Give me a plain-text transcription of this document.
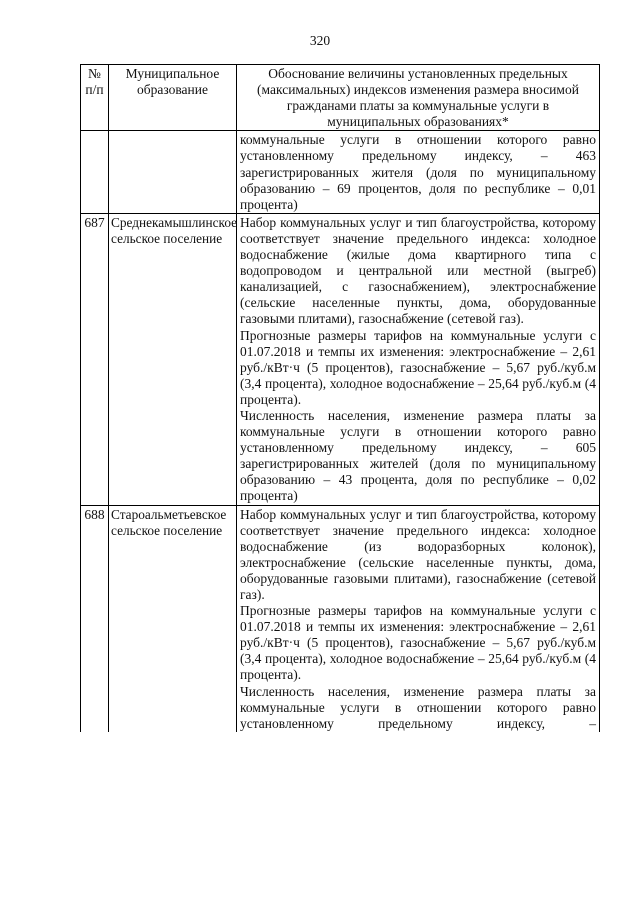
320
№ п/п	Муниципальное образование	Обоснование величины установленных предельных (максимальных) индексов изменения размера вносимой гражданами платы за коммунальные услуги в муниципальных образованиях*

		коммунальные услуги в отношении которого равно установленному предельному индексу, – 463 зарегистрированных жителя (доля по муниципальному образованию – 69 процентов, доля по республике – 0,01 процента)

687	Среднекамышлинское сельское поселение	Набор коммунальных услуг и тип благоустройства, которому соответствует значение предельного индекса: холодное водоснабжение (жилые дома квартирного типа с водопроводом и центральной или местной (выгреб) канализацией, с газоснабжением), электроснабжение (сельские населенные пункты, дома, оборудованные газовыми плитами), газоснабжение (сетевой газ).

Прогнозные размеры тарифов на коммунальные услуги с 01.07.2018 и темпы их изменения: электроснабжение – 2,61 руб./кВт·ч (5 процентов), газоснабжение – 5,67 руб./куб.м (3,4 процента), холодное водоснабжение – 25,64 руб./куб.м (4 процента).

Численность населения, изменение размера платы за коммунальные услуги в отношении которого равно установленному предельному индексу, – 605 зарегистрированных жителей (доля по муниципальному образованию – 43 процента, доля по республике – 0,02 процента)

688	Староальметьевское сельское поселение	Набор коммунальных услуг и тип благоустройства, которому соответствует значение предельного индекса: холодное водоснабжение (из водоразборных колонок), электроснабжение (сельские населенные пункты, дома, оборудованные газовыми плитами), газоснабжение (сетевой газ).

Прогнозные размеры тарифов на коммунальные услуги с 01.07.2018 и темпы их изменения: электроснабжение – 2,61 руб./кВт·ч (5 процентов), газоснабжение – 5,67 руб./куб.м (3,4 процента), холодное водоснабжение – 25,64 руб./куб.м (4 процента).

Численность населения, изменение размера платы за коммунальные услуги в отношении которого равно установленному предельному индексу, –
